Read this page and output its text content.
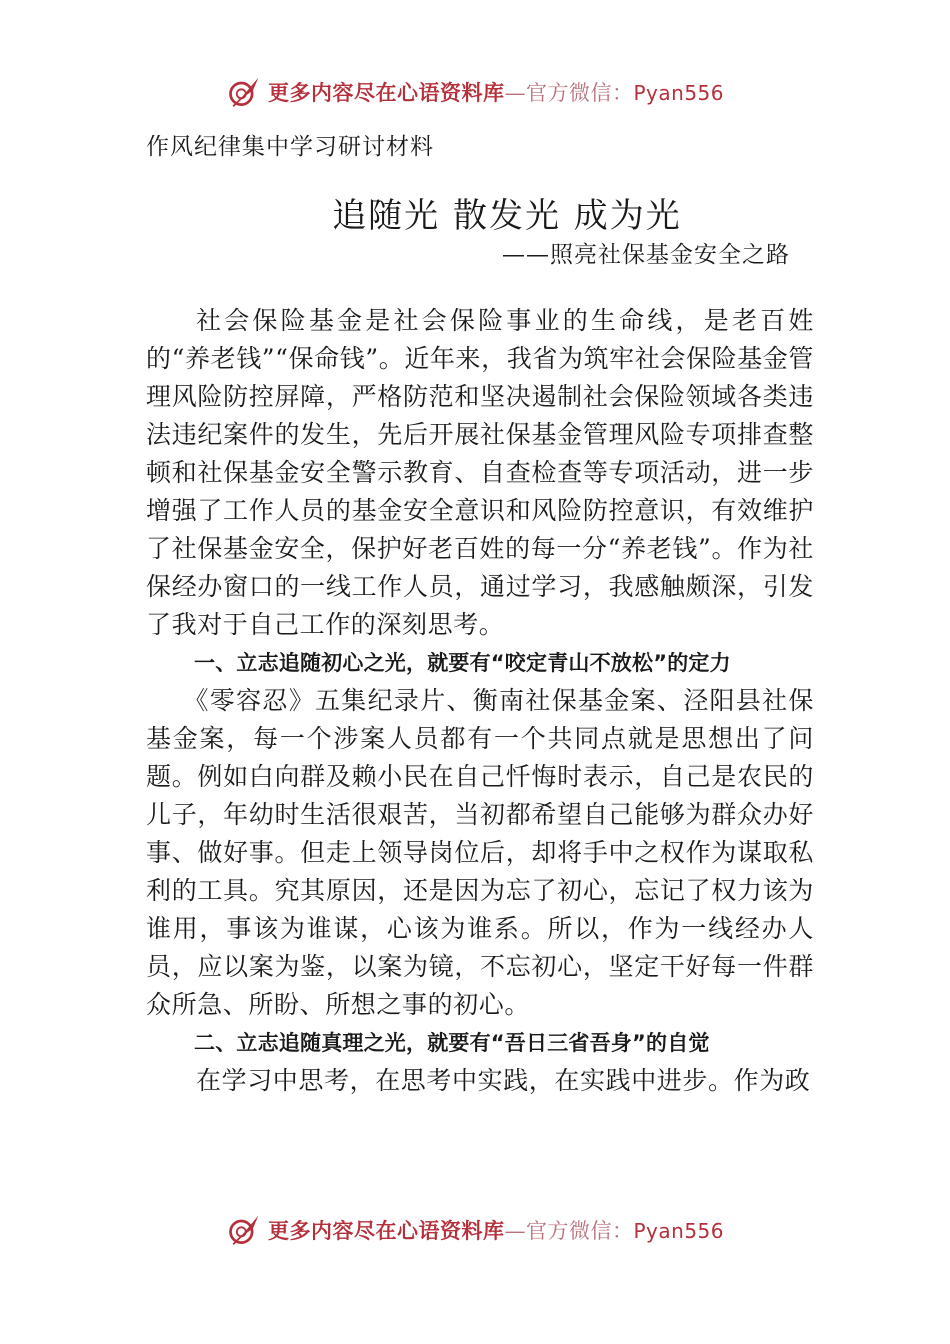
更多内容尽在心语资料库—官方微信：Pyan556

作风纪律集中学习研讨材料

追随光 散发光 成为光

——照亮社保基金安全之路

社会保险基金是社会保险事业的生命线，是老百姓的“养老钱”“保命钱”。近年来，我省为筑牢社会保险基金管理风险防控屏障，严格防范和坚决遏制社会保险领域各类违法违纪案件的发生，先后开展社保基金管理风险专项排查整顿和社保基金安全警示教育、自查检查等专项活动，进一步增强了工作人员的基金安全意识和风险防控意识，有效维护了社保基金安全，保护好老百姓的每一分“养老钱”。作为社保经办窗口的一线工作人员，通过学习，我感触颇深，引发了我对于自己工作的深刻思考。

一、立志追随初心之光，就要有“咬定青山不放松”的定力

《零容忍》五集纪录片、衡南社保基金案、泾阳县社保基金案，每一个涉案人员都有一个共同点就是思想出了问题。例如白向群及赖小民在自己忏悔时表示，自己是农民的儿子，年幼时生活很艰苦，当初都希望自己能够为群众办好事、做好事。但走上领导岗位后，却将手中之权作为谋取私利的工具。究其原因，还是因为忘了初心，忘记了权力该为谁用，事该为谁谋，心该为谁系。所以，作为一线经办人员，应以案为鉴，以案为镜，不忘初心，坚定干好每一件群众所急、所盼、所想之事的初心。

二、立志追随真理之光，就要有“吾日三省吾身”的自觉

在学习中思考，在思考中实践，在实践中进步。作为政

更多内容尽在心语资料库—官方微信：Pyan556
